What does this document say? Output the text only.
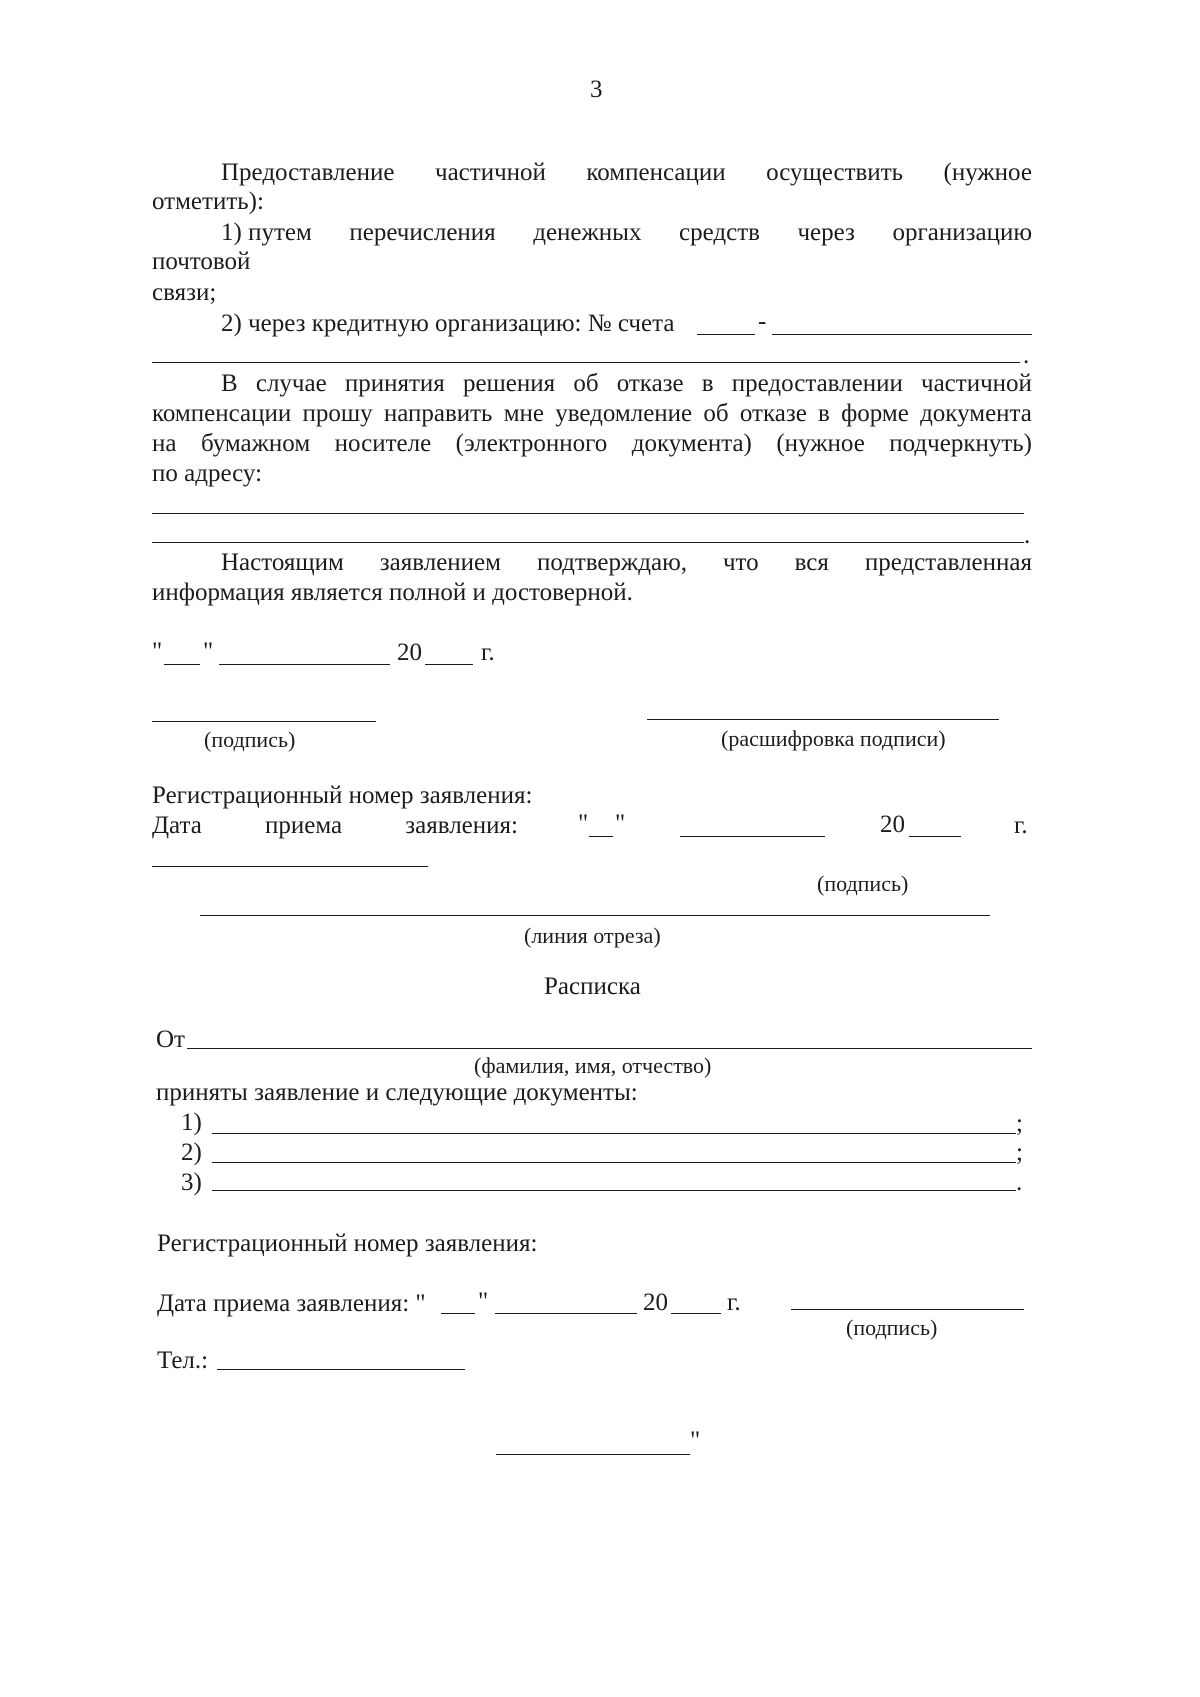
3
Предоставление частичной компенсации осуществить (нужное
отметить):
1) путем перечисления денежных средств через организацию
почтовой
связи;
2) через кредитную организацию: № счета	-
.
В случае принятия решения об отказе в предоставлении частичной
компенсации прошу направить мне уведомление об отказе в форме документа
на бумажном носителе (электронного документа) (нужное подчеркнуть)
по адресу:
.
Настоящим заявлением подтверждаю, что вся представленная
информация является полной и достоверной.
" "	20 г.
(подпись)	(расшифровка подписи)
Регистрационный номер заявления:
Дата	приема	заявления: " "	20	г.
(подпись)
(линия отреза)
Расписка
От
(фамилия, имя, отчество)
приняты заявление и следующие документы:
1)	;
2)	;
3)	.
Регистрационный номер заявления:
Дата приема заявления: " "	20 г.
(подпись)
Тел.:
"
